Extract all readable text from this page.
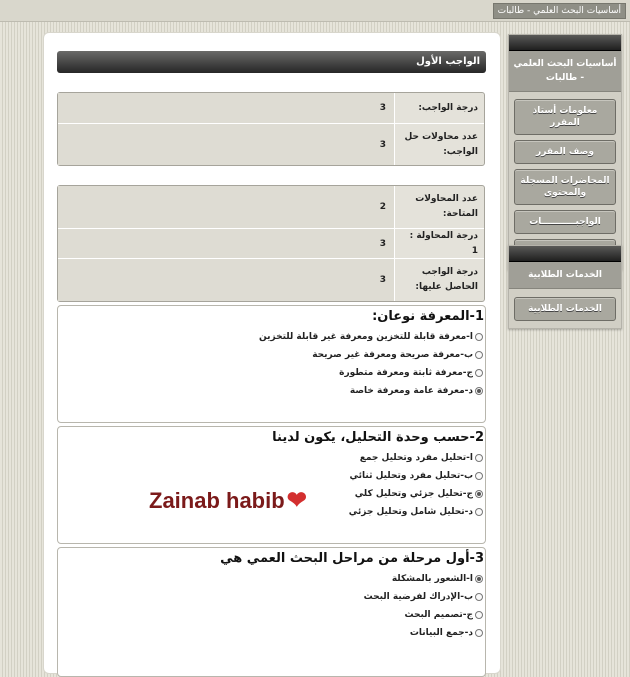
أساسيات البحث العلمي - طالبات
أساسيات البحث العلمي - طالبات
معلومات أستاذ المقرر
وصف المقرر
المحاضرات المسجلة والمحتوى
الواجبـــــــــــات
الخدمات الطلابية
الخدمات الطلابية
الواجب الأول
درجة الواجب:
3
عدد محاولات حل الواجب:
3
عدد المحاولات المتاحة:
2
درجة المحاولة : 1
3
درجة الواجب الحاصل عليها:
3
1-المعرفة نوعان:
ا-معرفة قابلة للتخزين ومعرفة غير قابلة للتخزين
ب-معرفة صريحة ومعرفة غير صريحة
ج-معرفة ثابتة ومعرفة متطورة
د-معرفة عامة ومعرفة خاصة
2-حسب وحدة التحليل، يكون لدينا
ا-تحليل مفرد وتحليل جمع
ب-تحليل مفرد وتحليل ثنائي
ج-تحليل جزئي وتحليل كلي
د-تحليل شامل وتحليل جزئي
3-أول مرحلة من مراحل البحث العمي هي
ا-الشعور بالمشكلة
ب-الإدراك لفرضية البحث
ج-تصميم البحث
د-جمع البيانات
Zainab habib ❤
